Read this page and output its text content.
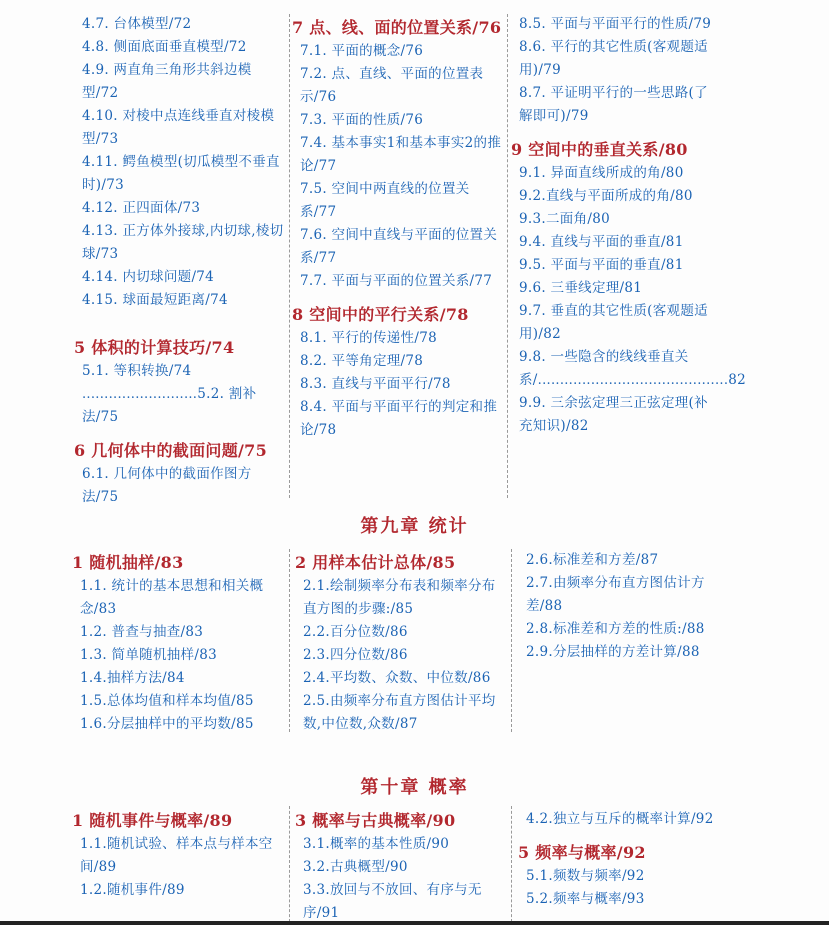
4.7. 台体模型/72
4.8. 侧面底面垂直模型/72
4.9. 两直角三角形共斜边模型/72
4.10. 对棱中点连线垂直对棱模型/73
4.11. 鳄鱼模型(切瓜模型不垂直时)/73
4.12. 正四面体/73
4.13. 正方体外接球,内切球,棱切球/73
4.14. 内切球问题/74
4.15. 球面最短距离/74
5 体积的计算技巧/74
5.1. 等积转换/74
..........................5.2. 割补法/75
6 几何体中的截面问题/75
6.1. 几何体中的截面作图方法/75
7 点、线、面的位置关系/76
7.1. 平面的概念/76
7.2. 点、直线、平面的位置表示/76
7.3. 平面的性质/76
7.4. 基本事实1和基本事实2的推论/77
7.5. 空间中两直线的位置关系/77
7.6. 空间中直线与平面的位置关系/77
7.7. 平面与平面的位置关系/77
8 空间中的平行关系/78
8.1. 平行的传递性/78
8.2. 平等角定理/78
8.3. 直线与平面平行/78
8.4. 平面与平面平行的判定和推论/78
8.5. 平面与平面平行的性质/79
8.6. 平行的其它性质(客观题适用)/79
8.7. 平证明平行的一些思路(了解即可)/79
9 空间中的垂直关系/80
9.1. 异面直线所成的角/80
9.2.直线与平面所成的角/80
9.3.二面角/80
9.4. 直线与平面的垂直/81
9.5. 平面与平面的垂直/81
9.6. 三垂线定理/81
9.7. 垂直的其它性质(客观题适用)/82
9.8. 一些隐含的线线垂直关
系/ ........................................... 82
9.9. 三余弦定理三正弦定理(补充知识)/82
第九章 统计
1 随机抽样/83
1.1. 统计的基本思想和相关概念/83
1.2. 普查与抽查/83
1.3. 简单随机抽样/83
1.4.抽样方法/84
1.5.总体均值和样本均值/85
1.6.分层抽样中的平均数/85
2 用样本估计总体/85
2.1.绘制频率分布表和频率分布直方图的步骤:/85
2.2.百分位数/86
2.3.四分位数/86
2.4.平均数、众数、中位数/86
2.5.由频率分布直方图估计平均数,中位数,众数/87
2.6.标准差和方差/87
2.7.由频率分布直方图估计方差/88
2.8.标准差和方差的性质:/88
2.9.分层抽样的方差计算/88
第十章 概率
1 随机事件与概率/89
1.1.随机试验、样本点与样本空间/89
1.2.随机事件/89
3 概率与古典概率/90
3.1.概率的基本性质/90
3.2.古典概型/90
3.3.放回与不放回、有序与无序/91
4.2.独立与互斥的概率计算/92
5 频率与概率/92
5.1.频数与频率/92
5.2.频率与概率/93
